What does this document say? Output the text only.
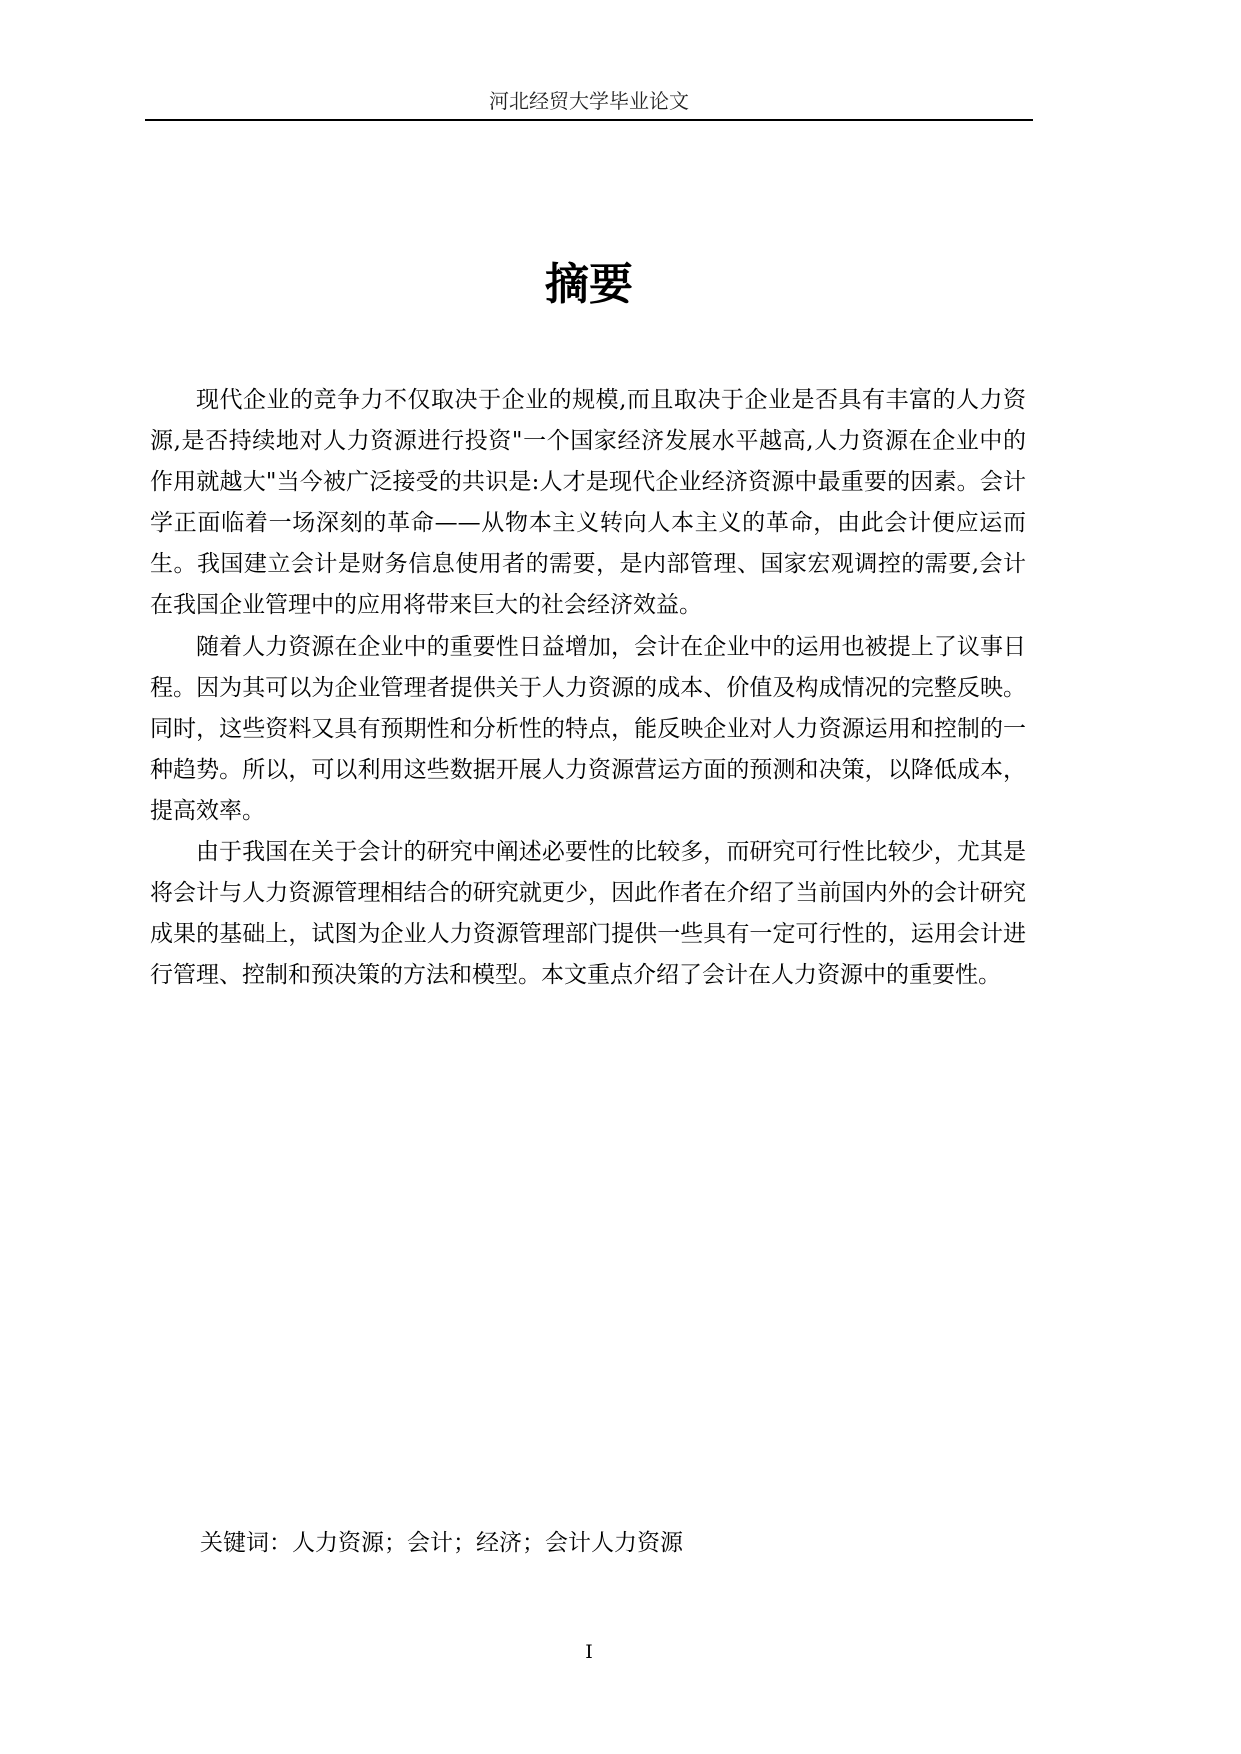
河北经贸大学毕业论文
摘要

现代企业的竞争力不仅取决于企业的规模,而且取决于企业是否具有丰富的人力资源,是否持续地对人力资源进行投资"一个国家经济发展水平越高,人力资源在企业中的作用就越大"当今被广泛接受的共识是:人才是现代企业经济资源中最重要的因素。会计学正面临着一场深刻的革命——从物本主义转向人本主义的革命，由此会计便应运而生。我国建立会计是财务信息使用者的需要，是内部管理、国家宏观调控的需要,会计在我国企业管理中的应用将带来巨大的社会经济效益。

随着人力资源在企业中的重要性日益增加，会计在企业中的运用也被提上了议事日程。因为其可以为企业管理者提供关于人力资源的成本、价值及构成情况的完整反映。同时，这些资料又具有预期性和分析性的特点，能反映企业对人力资源运用和控制的一种趋势。所以，可以利用这些数据开展人力资源营运方面的预测和决策，以降低成本，提高效率。

由于我国在关于会计的研究中阐述必要性的比较多，而研究可行性比较少，尤其是将会计与人力资源管理相结合的研究就更少，因此作者在介绍了当前国内外的会计研究成果的基础上，试图为企业人力资源管理部门提供一些具有一定可行性的，运用会计进行管理、控制和预决策的方法和模型。本文重点介绍了会计在人力资源中的重要性。

关键词：人力资源；会计；经济；会计人力资源
I
